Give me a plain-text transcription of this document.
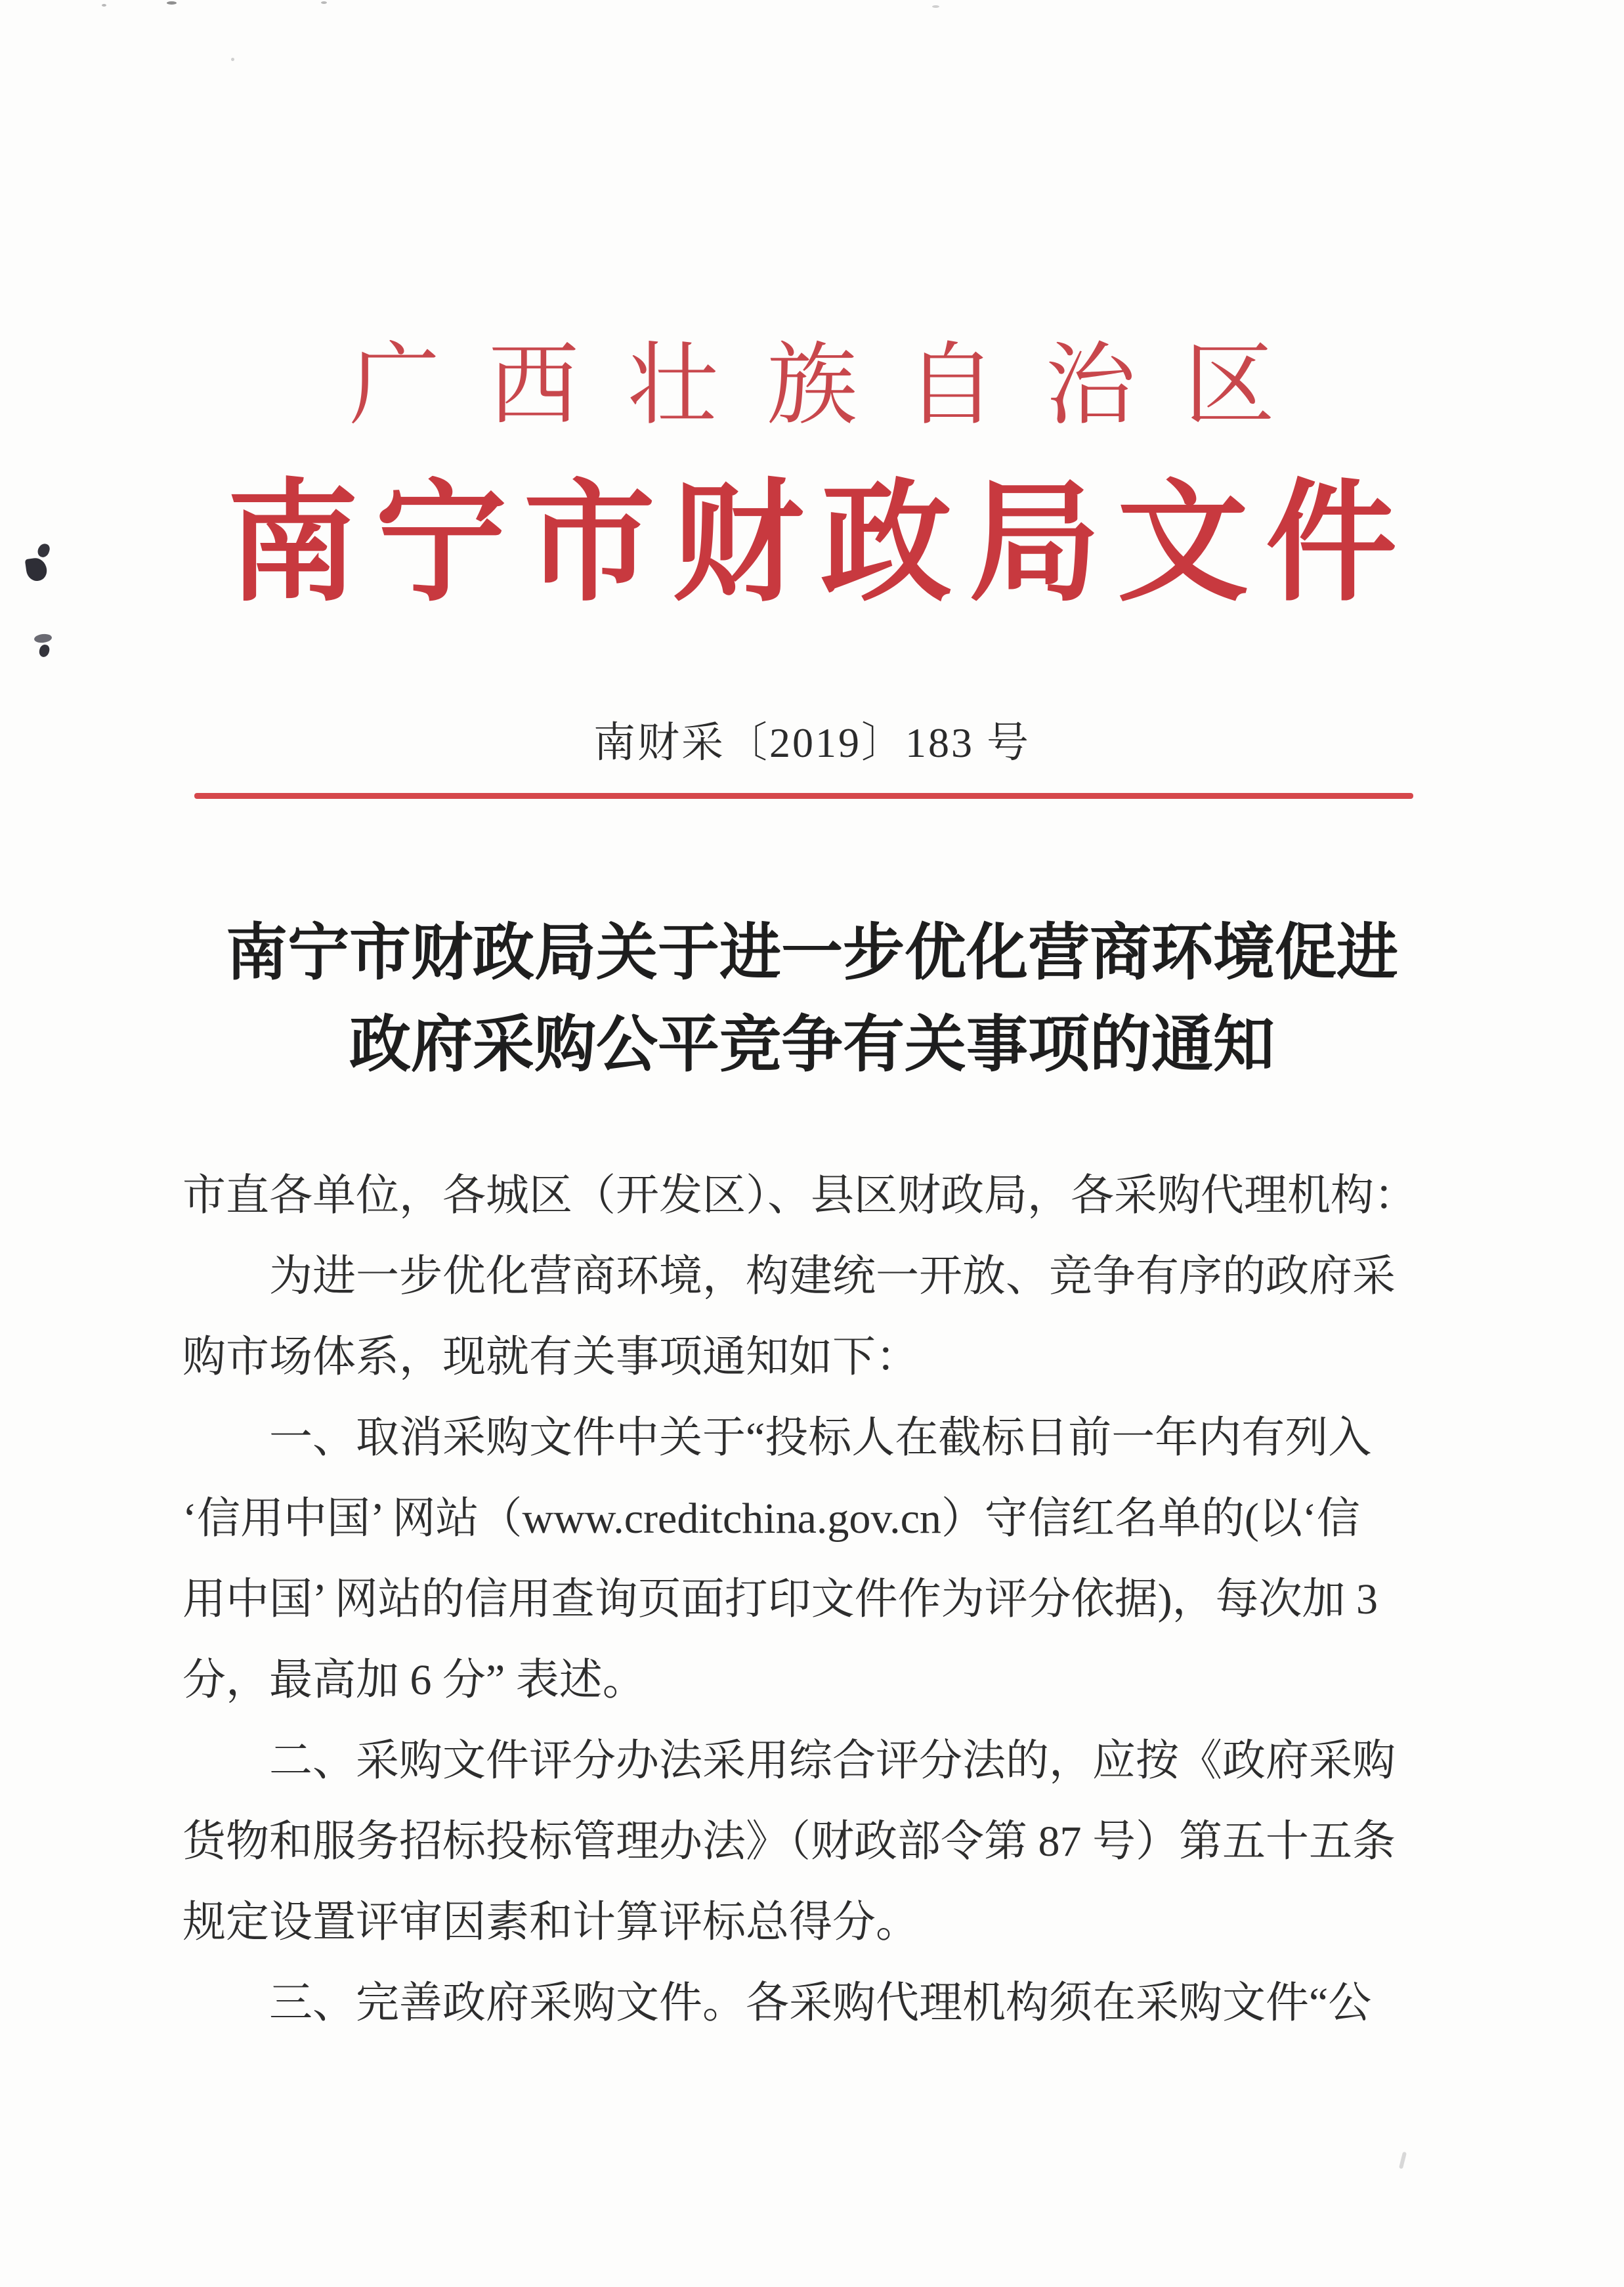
广西壮族自治区
南宁市财政局文件
南财采〔2019〕183 号
南宁市财政局关于进一步优化营商环境促进
政府采购公平竞争有关事项的通知
市直各单位，各城区（开发区）、县区财政局，各采购代理机构：
为进一步优化营商环境，构建统一开放、竞争有序的政府采
购市场体系，现就有关事项通知如下：
一、取消采购文件中关于“投标人在截标日前一年内有列入
‘信用中国’ 网站（www.creditchina.gov.cn）守信红名单的(以‘信
用中国’ 网站的信用查询页面打印文件作为评分依据)，每次加 3
分，最高加 6 分” 表述。
二、采购文件评分办法采用综合评分法的，应按《政府采购
货物和服务招标投标管理办法》（财政部令第 87 号）第五十五条
规定设置评审因素和计算评标总得分。
三、完善政府采购文件。各采购代理机构须在采购文件“公
